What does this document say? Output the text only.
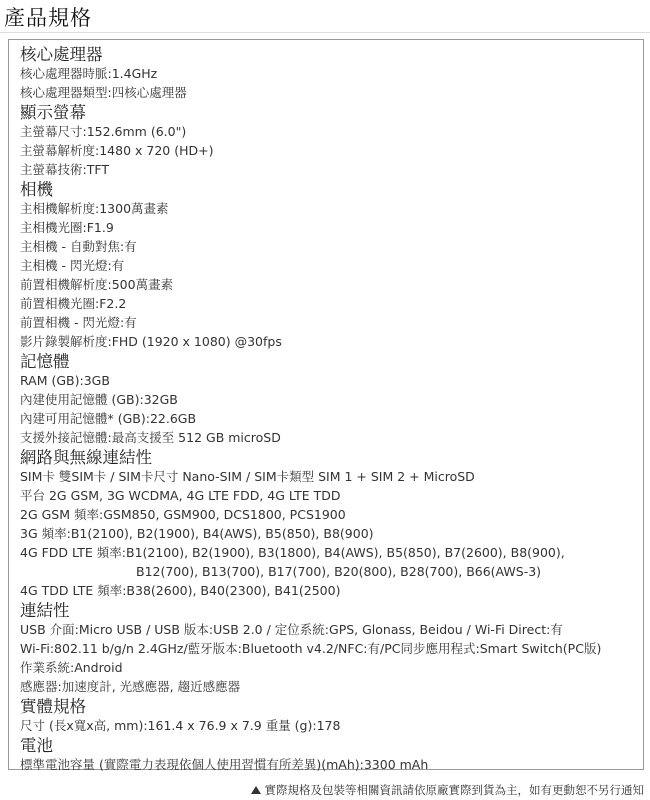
產品規格
核心處理器
核心處理器時脈:1.4GHz
核心處理器類型:四核心處理器
顯示螢幕
主螢幕尺寸:152.6mm (6.0")
主螢幕解析度:1480 x 720 (HD+)
主螢幕技術:TFT
相機
主相機解析度:1300萬畫素
主相機光圈:F1.9
主相機 - 自動對焦:有
主相機 - 閃光燈:有
前置相機解析度:500萬畫素
前置相機光圈:F2.2
前置相機 - 閃光燈:有
影片錄製解析度:FHD (1920 x 1080) @30fps
記憶體
RAM (GB):3GB
內建使用記憶體 (GB):32GB
內建可用記憶體* (GB):22.6GB
支援外接記憶體:最高支援至 512 GB microSD
網路與無線連結性
SIM卡 雙SIM卡 / SIM卡尺寸 Nano-SIM / SIM卡類型 SIM 1 + SIM 2 + MicroSD
平台 2G GSM, 3G WCDMA, 4G LTE FDD, 4G LTE TDD
2G GSM 頻率:GSM850, GSM900, DCS1800, PCS1900
3G 頻率:B1(2100), B2(1900), B4(AWS), B5(850), B8(900)
4G FDD LTE 頻率:B1(2100), B2(1900), B3(1800), B4(AWS), B5(850), B7(2600), B8(900),
B12(700), B13(700), B17(700), B20(800), B28(700), B66(AWS-3)
4G TDD LTE 頻率:B38(2600), B40(2300), B41(2500)
連結性
USB 介面:Micro USB / USB 版本:USB 2.0 / 定位系統:GPS, Glonass, Beidou / Wi-Fi Direct:有
Wi-Fi:802.11 b/g/n 2.4GHz/藍牙版本:Bluetooth v4.2/NFC:有/PC同步應用程式:Smart Switch(PC版)
作業系統:Android
感應器:加速度計, 光感應器, 趨近感應器
實體規格
尺寸 (長x寬x高, mm):161.4 x 76.9 x 7.9 重量 (g):178
電池
標準電池容量 (實際電力表現依個人使用習慣有所差異)(mAh):3300 mAh
實際規格及包裝等相關資訊請依原廠實際到貨為主，如有更動恕不另行通知
